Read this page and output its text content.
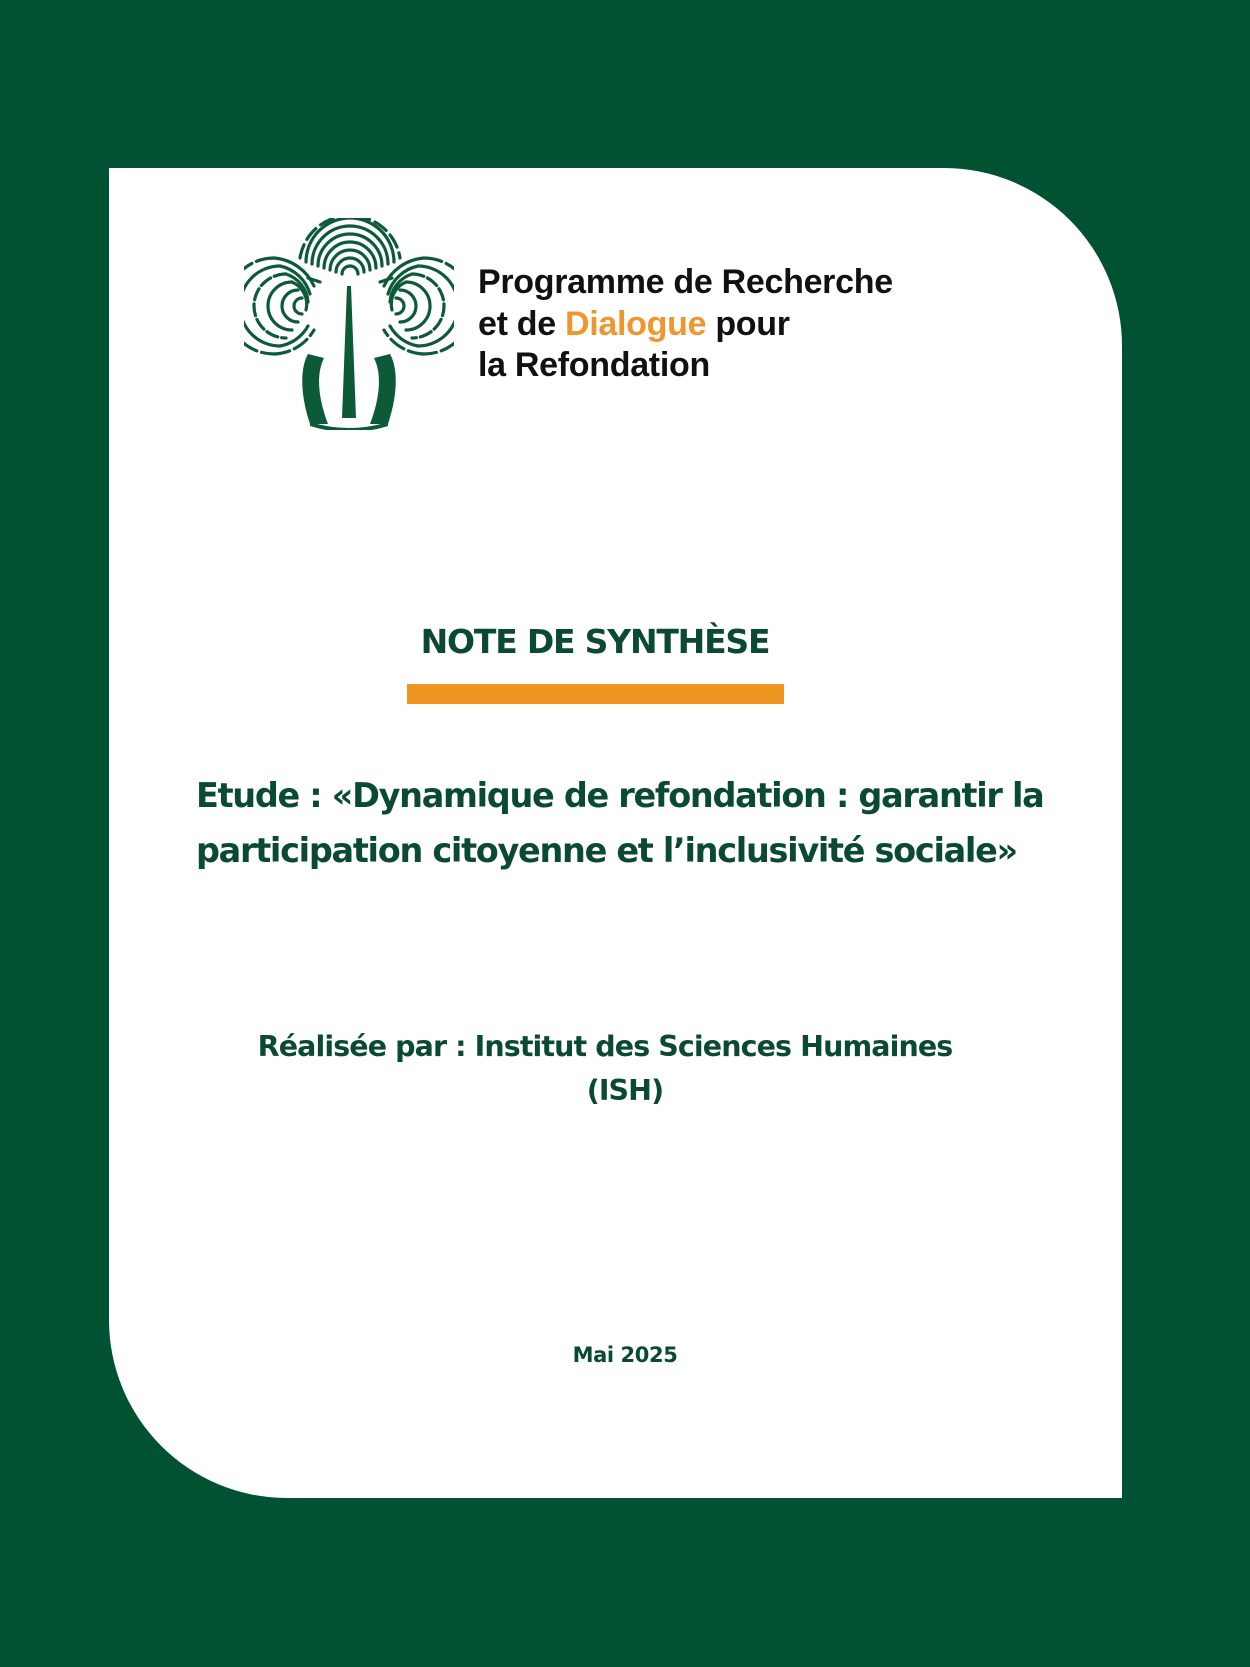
Programme de Recherche
et de Dialogue pour
la Refondation
NOTE DE SYNTHÈSE
Etude : «Dynamique de refondation : garantir la
participation citoyenne et l’inclusivité sociale»
Réalisée par : Institut des Sciences Humaines
(ISH)
Mai 2025
